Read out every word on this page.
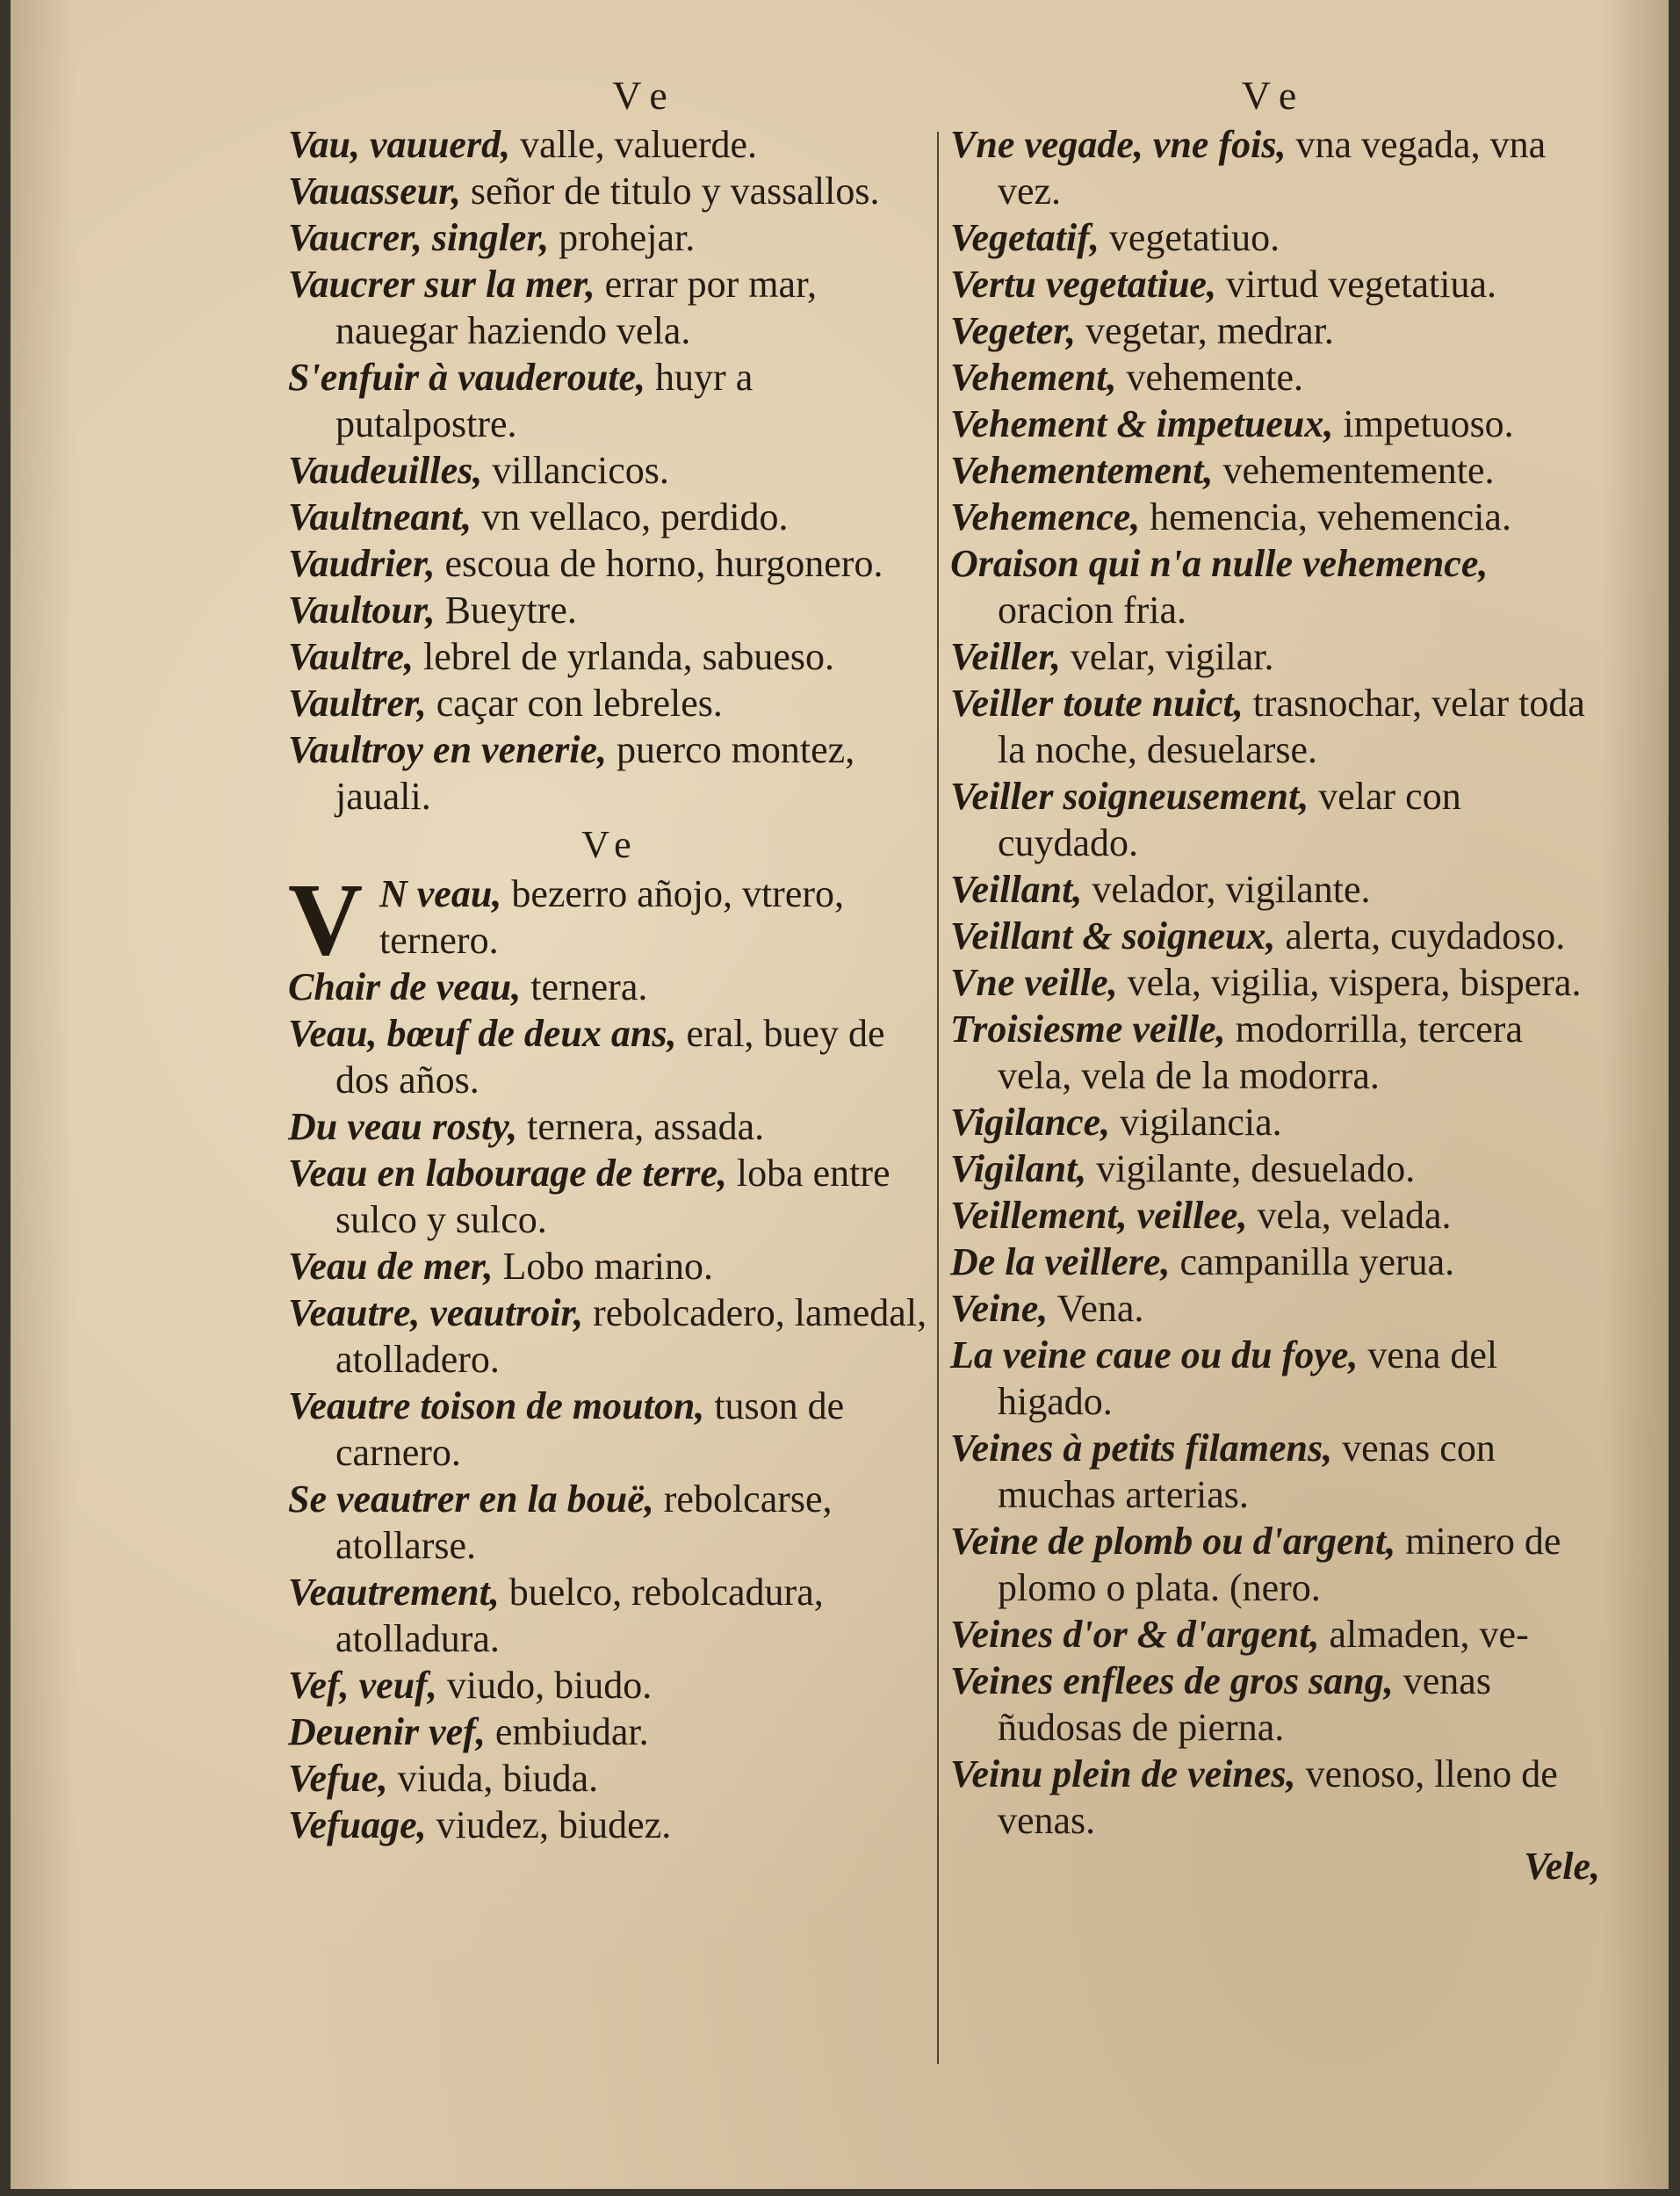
Ve

Vau, vauuerd, valle, valuerde.

Vauasseur, señor de titulo y vassallos.

Vaucrer, singler, prohejar.

Vaucrer sur la mer, errar por mar, nauegar haziendo vela.

S'enfuir à vauderoute, huyr a putalpostre.

Vaudeuilles, villancicos.

Vaultneant, vn vellaco, perdido.

Vaudrier, escoua de horno, hurgonero.

Vaultour, Bueytre.

Vaultre, lebrel de yrlanda, sabueso.

Vaultrer, caçar con lebreles.

Vaultroy en venerie, puerco montez, jauali.

Ve
V N veau, bezerro añojo, vtrero, ternero.

Chair de veau, ternera.

Veau, bœuf de deux ans, eral, buey de dos años.

Du veau rosty, ternera, assada.

Veau en labourage de terre, loba entre sulco y sulco.

Veau de mer, Lobo marino.

Veautre, veautroir, rebolcadero, lamedal, atolladero.

Veautre toison de mouton, tuson de carnero.

Se veautrer en la bouë, rebolcarse, atollarse.

Veautrement, buelco, rebolcadura, atolladura.

Vef, veuf, viudo, biudo.

Deuenir vef, embiudar.

Vefue, viuda, biuda.

Vefuage, viudez, biudez.

Ve

Vne vegade, vne fois, vna vegada, vna vez.

Vegetatif, vegetatiuo.

Vertu vegetatiue, virtud vegetatiua.

Vegeter, vegetar, medrar.

Vehement, vehemente.

Vehement & impetueux, impetuoso.

Vehementement, vehementemente.

Vehemence, hemencia, vehemencia.

Oraison qui n'a nulle vehemence, oracion fria.

Veiller, velar, vigilar.

Veiller toute nuict, trasnochar, velar toda la noche, desuelarse.

Veiller soigneusement, velar con cuydado.

Veillant, velador, vigilante.

Veillant & soigneux, alerta, cuydadoso.

Vne veille, vela, vigilia, vispera, bispera.

Troisiesme veille, modorrilla, tercera vela, vela de la modorra.

Vigilance, vigilancia.

Vigilant, vigilante, desuelado.

Veillement, veillee, vela, velada.

De la veillere, campanilla yerua.

Veine, Vena.

La veine caue ou du foye, vena del higado.

Veines à petits filamens, venas con muchas arterias.

Veine de plomb ou d'argent, minero de plomo o plata. (nero.

Veines d'or & d'argent, almaden, ve-

Veines enflees de gros sang, venas ñudosas de pierna.

Veinu plein de veines, venoso, lleno de venas.

Vele,
